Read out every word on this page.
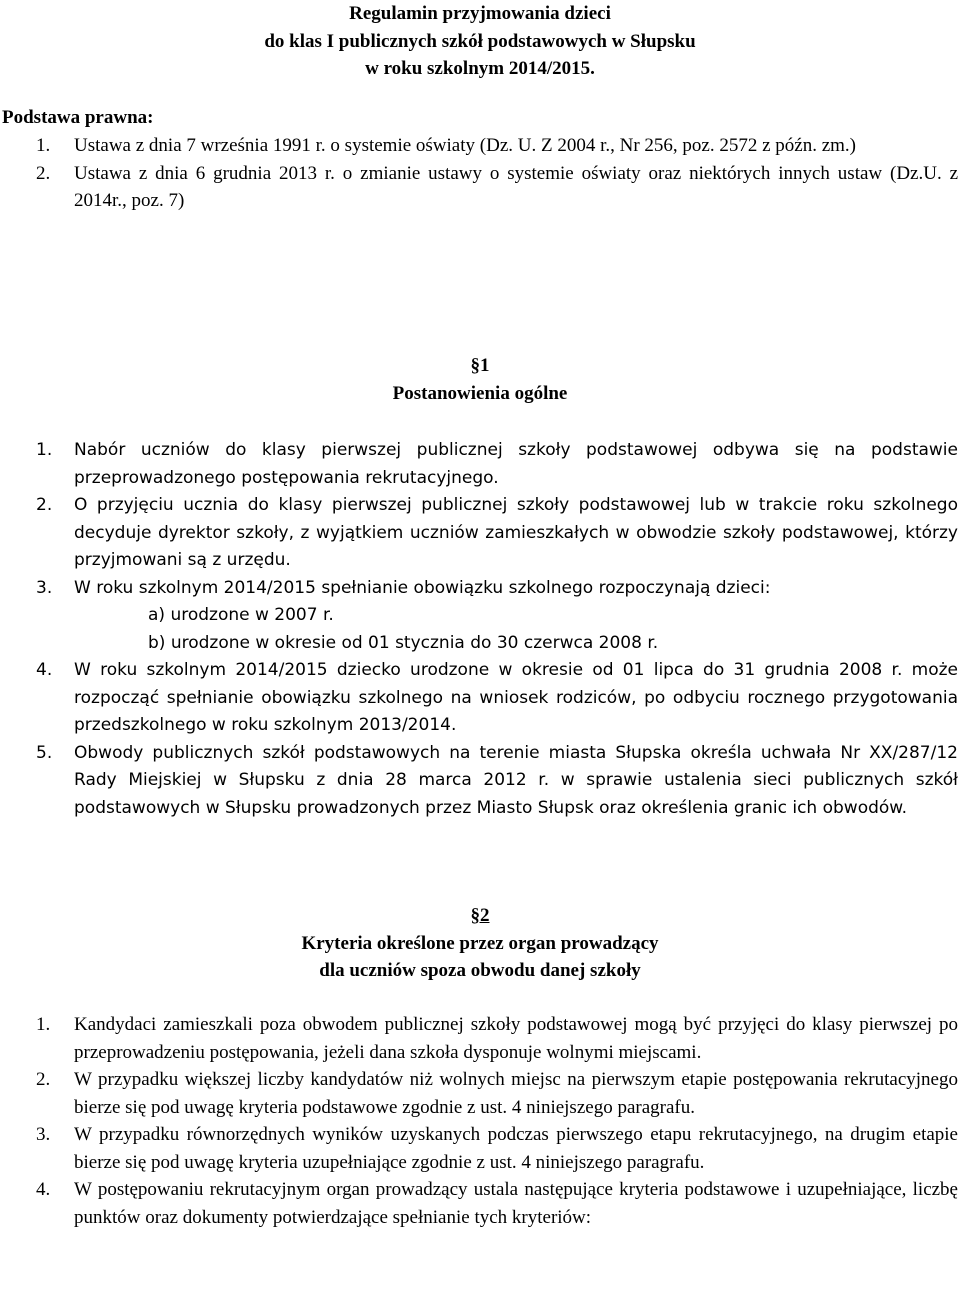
Regulamin przyjmowania dzieci
do klas I publicznych szkół podstawowych w Słupsku
w roku szkolnym 2014/2015.
Podstawa prawna:
1. Ustawa z dnia 7 września 1991 r. o systemie oświaty (Dz. U. Z 2004 r., Nr 256, poz. 2572 z późn. zm.)
2. Ustawa z dnia 6 grudnia 2013 r. o zmianie ustawy o systemie oświaty oraz niektórych innych ustaw (Dz.U. z 2014r., poz. 7)
§1
Postanowienia ogólne
1. Nabór uczniów do klasy pierwszej publicznej szkoły podstawowej odbywa się na podstawie przeprowadzonego postępowania rekrutacyjnego.
2. O przyjęciu ucznia do klasy pierwszej publicznej szkoły podstawowej lub w trakcie roku szkolnego decyduje dyrektor szkoły, z wyjątkiem uczniów zamieszkałych w obwodzie szkoły podstawowej, którzy przyjmowani są z urzędu.
3. W roku szkolnym 2014/2015 spełnianie obowiązku szkolnego rozpoczynają dzieci:
a) urodzone w 2007 r.
b) urodzone w okresie od 01 stycznia do 30 czerwca 2008 r.
4. W roku szkolnym 2014/2015 dziecko urodzone w okresie od 01 lipca do 31 grudnia 2008 r. może rozpocząć spełnianie obowiązku szkolnego na wniosek rodziców, po odbyciu rocznego przygotowania przedszkolnego w roku szkolnym 2013/2014.
5. Obwody publicznych szkół podstawowych na terenie miasta Słupska określa uchwała Nr XX/287/12 Rady Miejskiej w Słupsku z dnia 28 marca 2012 r. w sprawie ustalenia sieci publicznych szkół podstawowych w Słupsku prowadzonych przez Miasto Słupsk oraz określenia granic ich obwodów.
§2
Kryteria określone przez organ prowadzący
dla uczniów spoza obwodu danej szkoły
1. Kandydaci zamieszkali poza obwodem publicznej szkoły podstawowej mogą być przyjęci do klasy pierwszej po przeprowadzeniu postępowania, jeżeli dana szkoła dysponuje wolnymi miejscami.
2. W przypadku większej liczby kandydatów niż wolnych miejsc na pierwszym etapie postępowania rekrutacyjnego bierze się pod uwagę kryteria podstawowe zgodnie z ust. 4 niniejszego paragrafu.
3. W przypadku równorzędnych wyników uzyskanych podczas pierwszego etapu rekrutacyjnego, na drugim etapie bierze się pod uwagę kryteria uzupełniające zgodnie z ust. 4 niniejszego paragrafu.
4. W postępowaniu rekrutacyjnym organ prowadzący ustala następujące kryteria podstawowe i uzupełniające, liczbę punktów oraz dokumenty potwierdzające spełnianie tych kryteriów:
